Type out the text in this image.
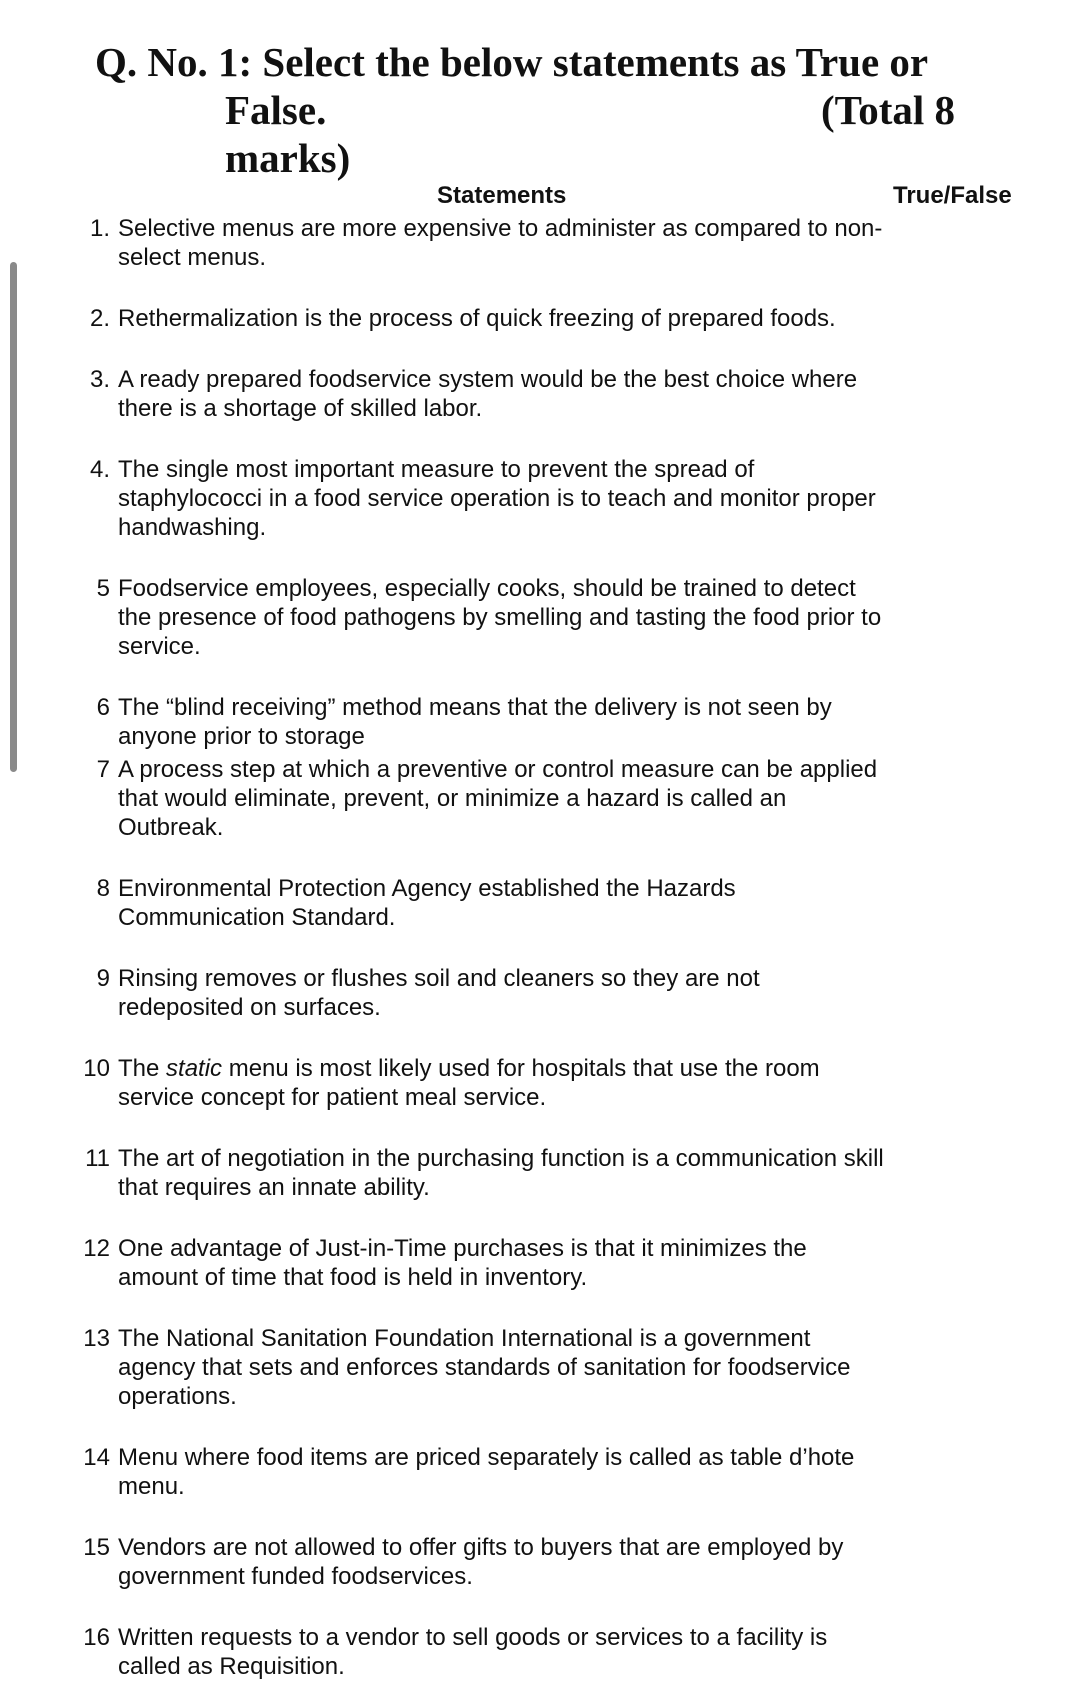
Q. No. 1: Select the below statements as True or
False.	(Total 8
marks)
Statements	True/False
1. Selective menus are more expensive to administer as compared to non- select menus.
2. Rethermalization is the process of quick freezing of prepared foods.
3. A ready prepared foodservice system would be the best choice where there is a shortage of skilled labor.
4. The single most important measure to prevent the spread of staphylococci in a food service operation is to teach and monitor proper handwashing.
5 Foodservice employees, especially cooks, should be trained to detect the presence of food pathogens by smelling and tasting the food prior to service.
6 The “blind receiving” method means that the delivery is not seen by anyone prior to storage
7 A process step at which a preventive or control measure can be applied that would eliminate, prevent, or minimize a hazard is called an Outbreak.
8 Environmental Protection Agency established the Hazards Communication Standard.
9 Rinsing removes or flushes soil and cleaners so they are not redeposited on surfaces.
10 The static menu is most likely used for hospitals that use the room service concept for patient meal service.
11 The art of negotiation in the purchasing function is a communication skill that requires an innate ability.
12 One advantage of Just-in-Time purchases is that it minimizes the amount of time that food is held in inventory.
13 The National Sanitation Foundation International is a government agency that sets and enforces standards of sanitation for foodservice operations.
14 Menu where food items are priced separately is called as table d’hote menu.
15 Vendors are not allowed to offer gifts to buyers that are employed by government funded foodservices.
16 Written requests to a vendor to sell goods or services to a facility is called as Requisition.
